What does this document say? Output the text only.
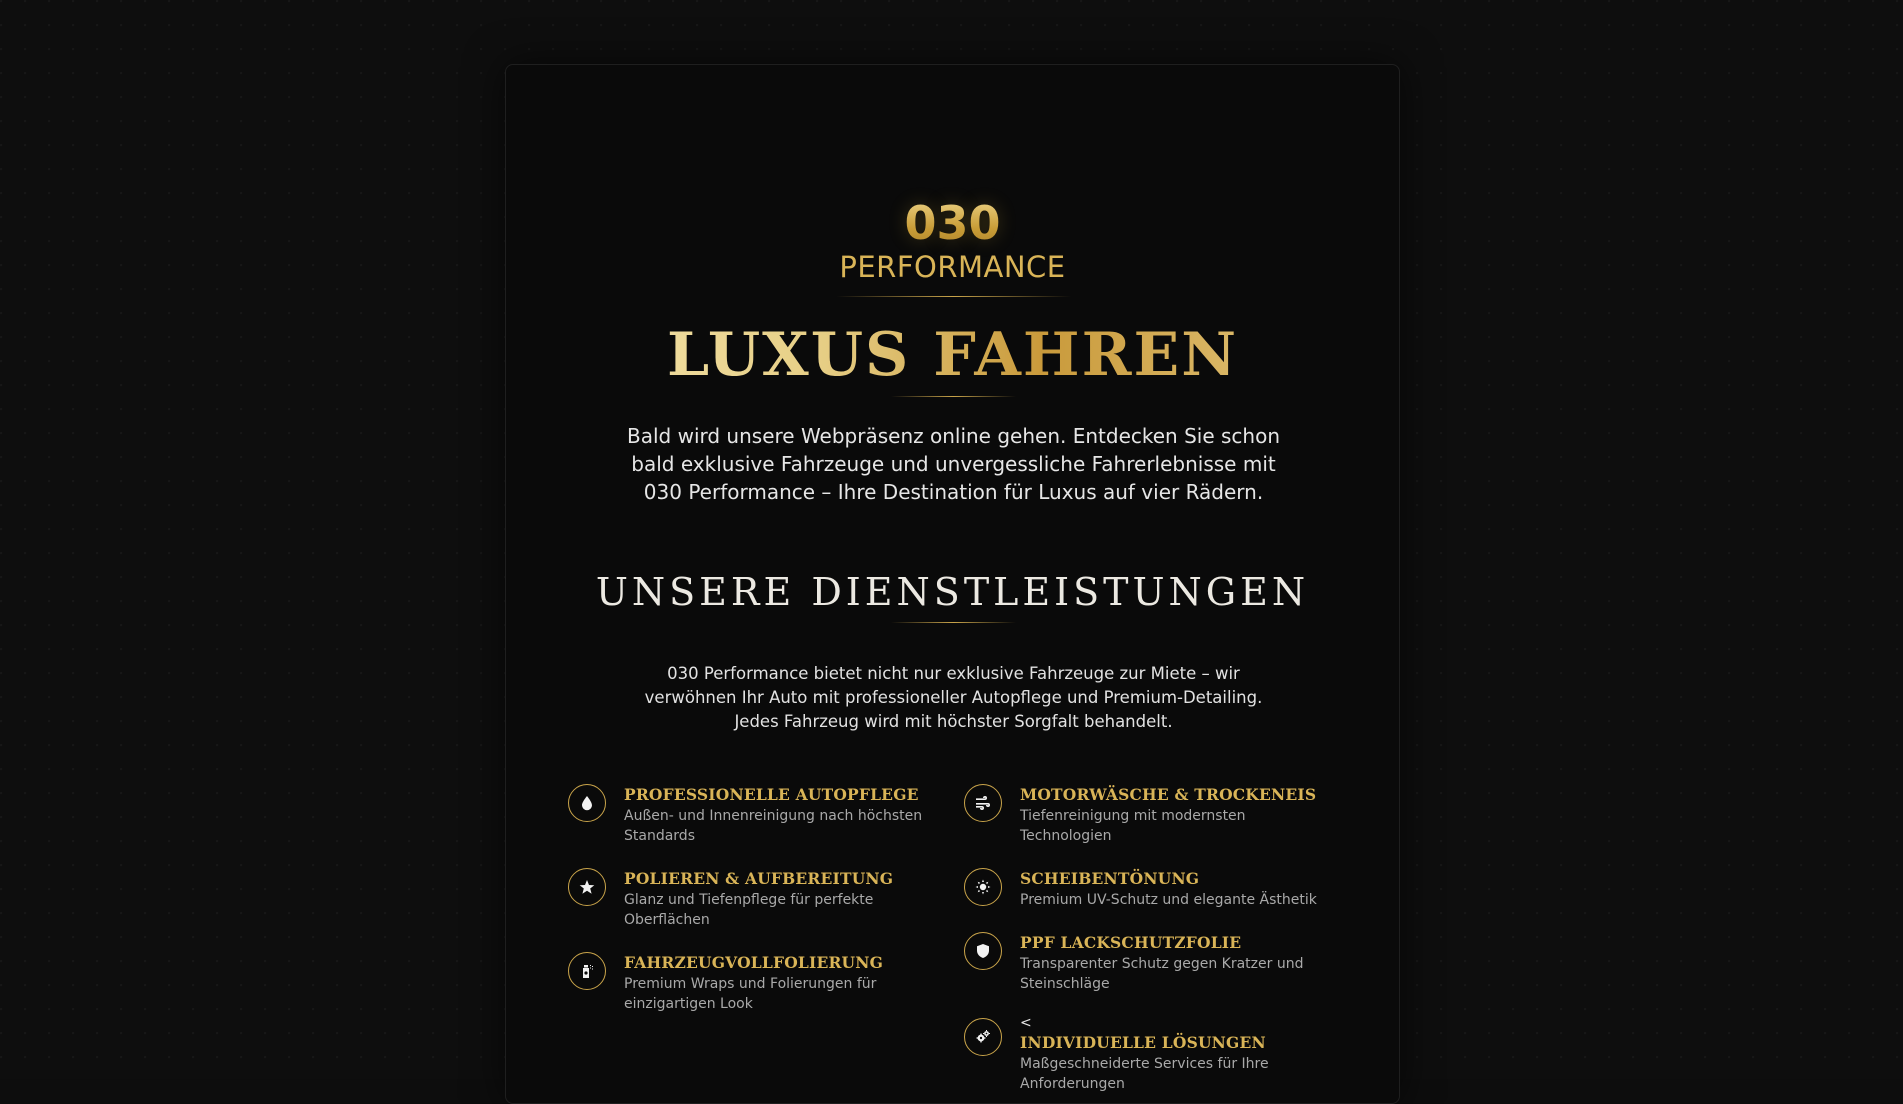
030
PERFORMANCE
LUXUS FAHREN
Bald wird unsere Webpräsenz online gehen. Entdecken Sie schon bald exklusive Fahrzeuge und unvergessliche Fahrerlebnisse mit 030 Performance – Ihre Destination für Luxus auf vier Rädern.
UNSERE DIENSTLEISTUNGEN
030 Performance bietet nicht nur exklusive Fahrzeuge zur Miete – wir verwöhnen Ihr Auto mit professioneller Autopflege und Premium-Detailing. Jedes Fahrzeug wird mit höchster Sorgfalt behandelt.
PROFESSIONELLE AUTOPFLEGE
Außen- und Innenreinigung nach höchsten Standards
POLIEREN & AUFBEREITUNG
Glanz und Tiefenpflege für perfekte Oberflächen
FAHRZEUGVOLLFOLIERUNG
Premium Wraps und Folierungen für einzigartigen Look
MOTORWÄSCHE & TROCKENEIS
Tiefenreinigung mit modernsten Technologien
SCHEIBENTÖNUNG
Premium UV-Schutz und elegante Ästhetik
PPF LACKSCHUTZFOLIE
Transparenter Schutz gegen Kratzer und Steinschläge
<
INDIVIDUELLE LÖSUNGEN
Maßgeschneiderte Services für Ihre Anforderungen
